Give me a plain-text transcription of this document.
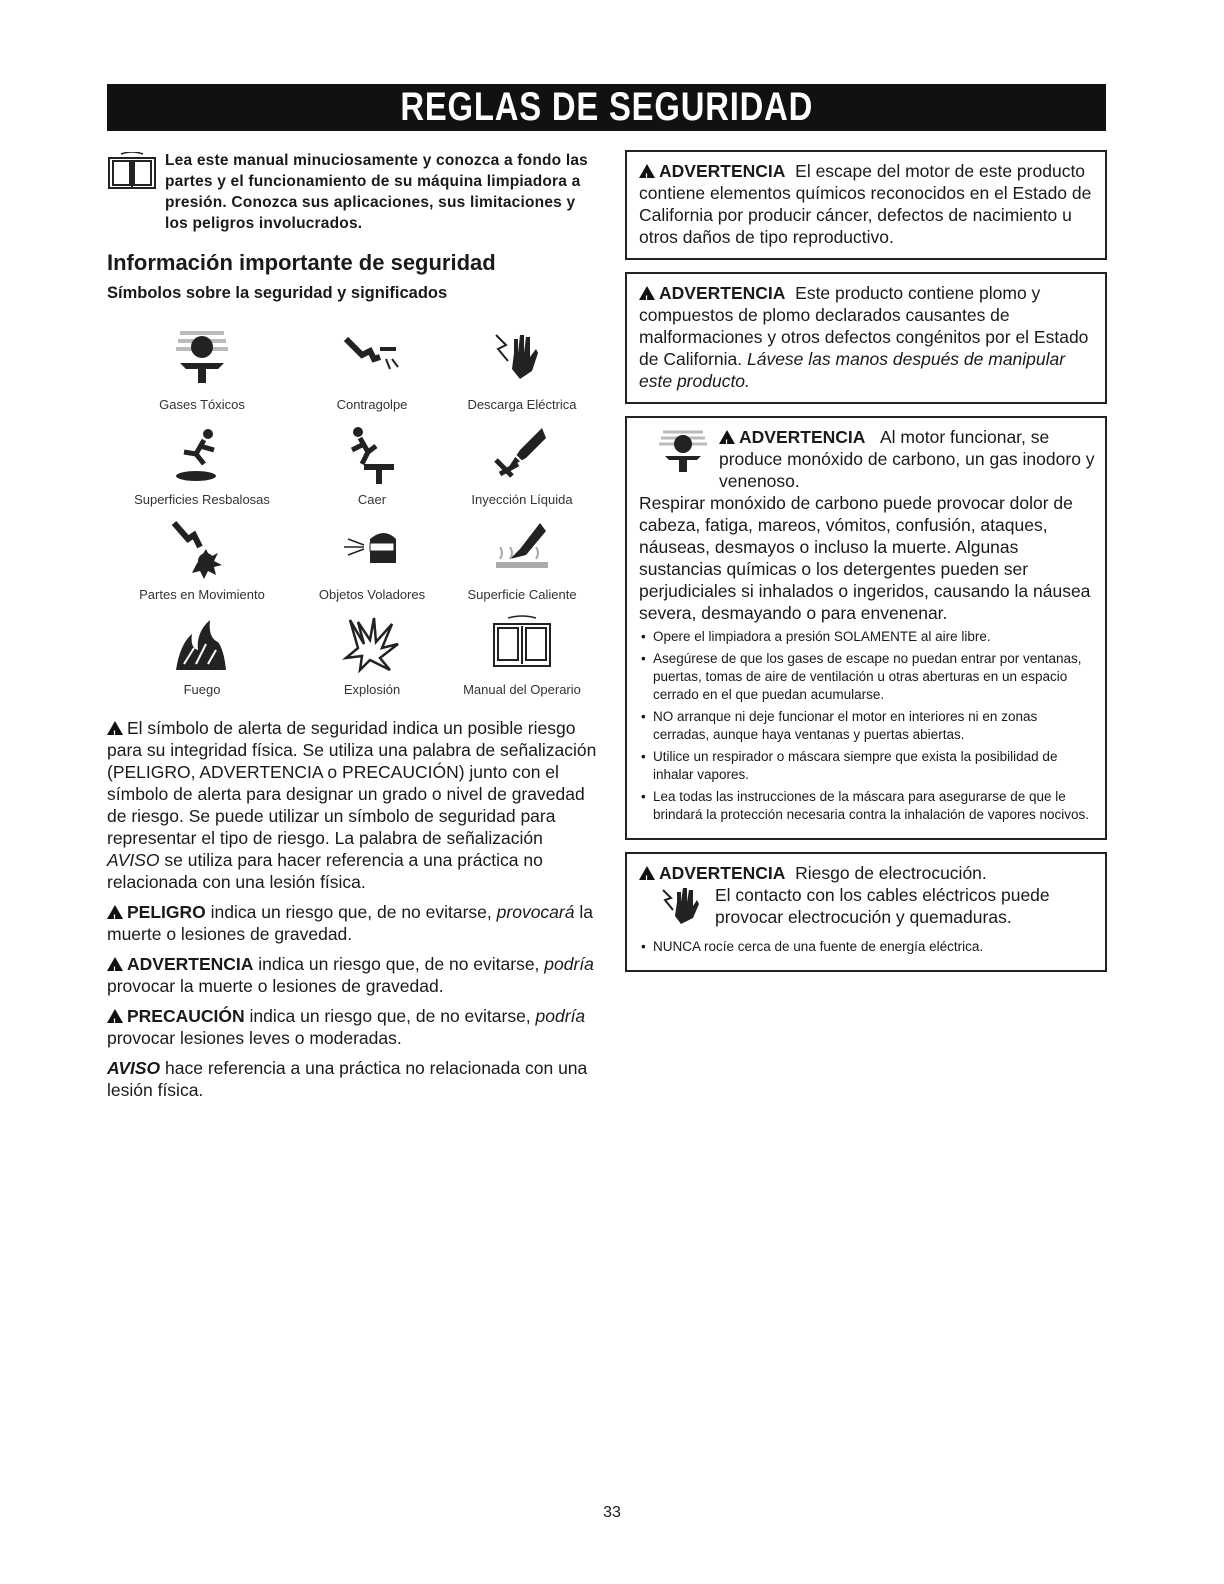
REGLAS DE SEGURIDAD
Lea este manual minuciosamente y conozca a fondo las partes y el funcionamiento de su máquina limpiadora a presión. Conozca sus aplicaciones, sus limitaciones y los peligros involucrados.
Información importante de seguridad
Símbolos sobre la seguridad y significados
Gases Tóxicos	Contragolpe	Descarga Eléctrica
Superficies Resbalosas	Caer	Inyección Líquida
Partes en Movimiento	Objetos Voladores	Superficie Caliente
Fuego	Explosión	Manual del Operario

!El símbolo de alerta de seguridad indica un posible riesgo para su integridad física. Se utiliza una palabra de señalización (PELIGRO, ADVERTENCIA o PRECAUCIÓN) junto con el símbolo de alerta para designar un grado o nivel de gravedad de riesgo. Se puede utilizar un símbolo de seguridad para representar el tipo de riesgo. La palabra de señalización AVISO se utiliza para hacer referencia a una práctica no relacionada con una lesión física.

!PELIGRO indica un riesgo que, de no evitarse, provocará la muerte o lesiones de gravedad.

!ADVERTENCIA indica un riesgo que, de no evitarse, podría provocar la muerte o lesiones de gravedad.

!PRECAUCIÓN indica un riesgo que, de no evitarse, podría provocar lesiones leves o moderadas.

AVISO hace referencia a una práctica no relacionada con una lesión física.

!ADVERTENCIA El escape del motor de este producto contiene elementos químicos reconocidos en el Estado de California por producir cáncer, defectos de nacimiento u otros daños de tipo reproductivo.
!ADVERTENCIA Este producto contiene plomo y compuestos de plomo declarados causantes de malformaciones y otros defectos congénitos por el Estado de California. Lávese las manos después de manipular este producto.
!ADVERTENCIA Al motor funcionar, se produce monóxido de carbono, un gas inodoro y venenoso.
Respirar monóxido de carbono puede provocar dolor de cabeza, fatiga, mareos, vómitos, confusión, ataques, náuseas, desmayos o incluso la muerte. Algunas sustancias químicas o los detergentes pueden ser perjudiciales si inhalados o ingeridos, causando la náusea severa, desmayando o para envenenar.
• Opere el limpiadora a presión SOLAMENTE al aire libre.
• Asegúrese de que los gases de escape no puedan entrar por ventanas, puertas, tomas de aire de ventilación u otras aberturas en un espacio cerrado en el que puedan acumularse.
• NO arranque ni deje funcionar el motor en interiores ni en zonas cerradas, aunque haya ventanas y puertas abiertas.
• Utilice un respirador o máscara siempre que exista la posibilidad de inhalar vapores.
• Lea todas las instrucciones de la máscara para asegurarse de que le brindará la protección necesaria contra la inhalación de vapores nocivos.
!ADVERTENCIA Riesgo de electrocución.

El contacto con los cables eléctricos puede provocar electrocución y quemaduras.
• NUNCA rocíe cerca de una fuente de energía eléctrica.
33
